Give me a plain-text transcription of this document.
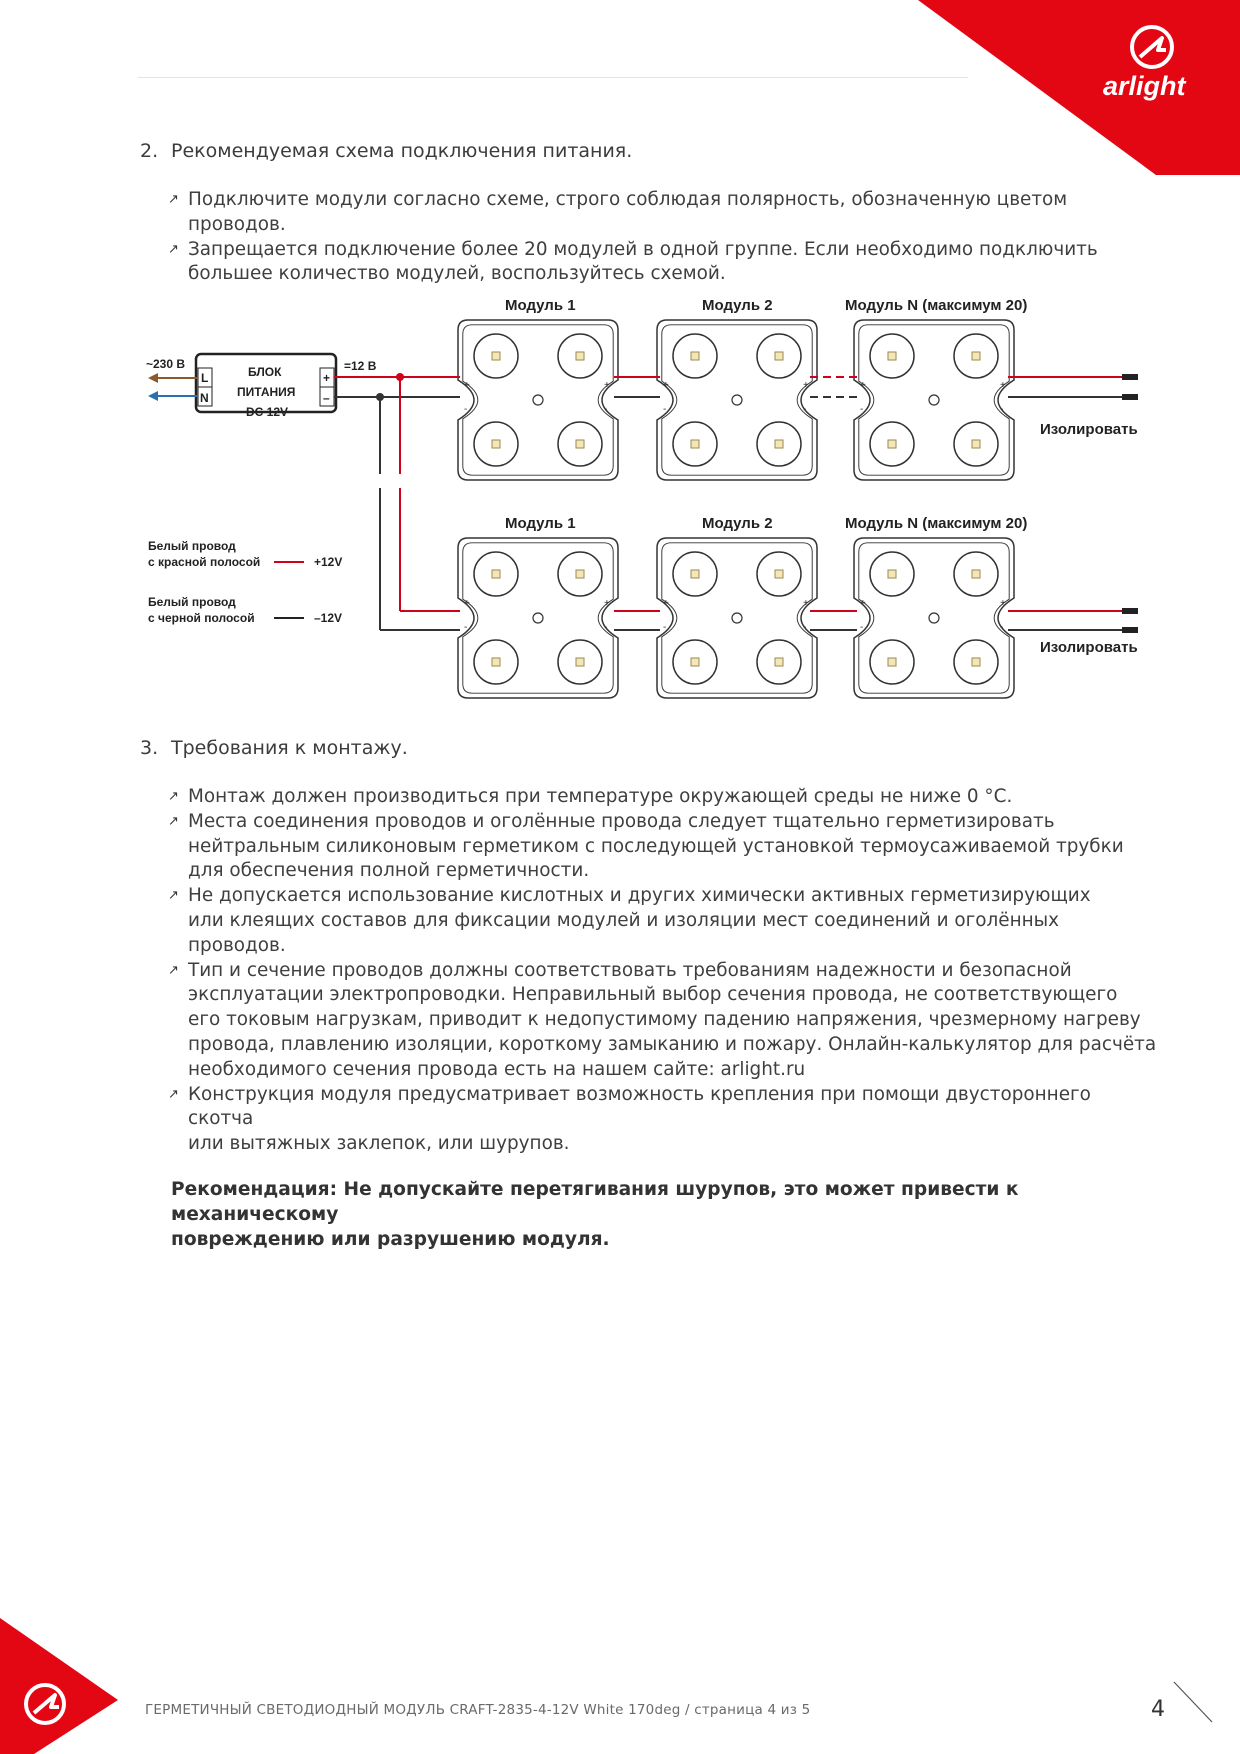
arlight

2. Рекомендуемая схема подключения питания.

↗ Подключите модули согласно схеме, строго соблюдая полярность, обозначенную цветом проводов.
↗ Запрещается подключение более 20 модулей в одной группе. Если необходимо подключить
большее количество модулей, воспользуйтесь схемой.
+
-
+
-
+
-
+
-
+
-
+
-
+
-
+
-
+
-
+
-
+
-
+
-
Модуль 1	Модуль 2	Модуль N (максимум 20)
Модуль 1	Модуль 2	Модуль N (максимум 20)
L
N
+
–
БЛОК
ПИТАНИЯ
DC 12V
~230 В	=12 В
Изолировать
Изолировать
Белый провод
с красной полосой	+12V
Белый провод
с черной полосой	–12V

3. Требования к монтажу.

↗ Монтаж должен производиться при температуре окружающей среды не ниже 0 °С.
↗ Места соединения проводов и оголённые провода следует тщательно герметизировать
нейтральным силиконовым герметиком с последующей установкой термоусаживаемой трубки
для обеспечения полной герметичности.
↗ Не допускается использование кислотных и других химически активных герметизирующих
или клеящих составов для фиксации модулей и изоляции мест соединений и оголённых проводов.
↗ Тип и сечение проводов должны соответствовать требованиям надежности и безопасной
эксплуатации электропроводки. Неправильный выбор сечения провода, не соответствующего
его токовым нагрузкам, приводит к недопустимому падению напряжения, чрезмерному нагреву
провода, плавлению изоляции, короткому замыканию и пожару. Онлайн-калькулятор для расчёта
необходимого сечения провода есть на нашем сайте: arlight.ru
↗ Конструкция модуля предусматривает возможность крепления при помощи двустороннего скотча
или вытяжных заклепок, или шурупов.

Рекомендация: Не допускайте перетягивания шурупов, это может привести к механическому
повреждению или разрушению модуля.

ГЕРМЕТИЧНЫЙ СВЕТОДИОДНЫЙ МОДУЛЬ CRAFT-2835-4-12V White 170deg / страница 4 из 5	4
